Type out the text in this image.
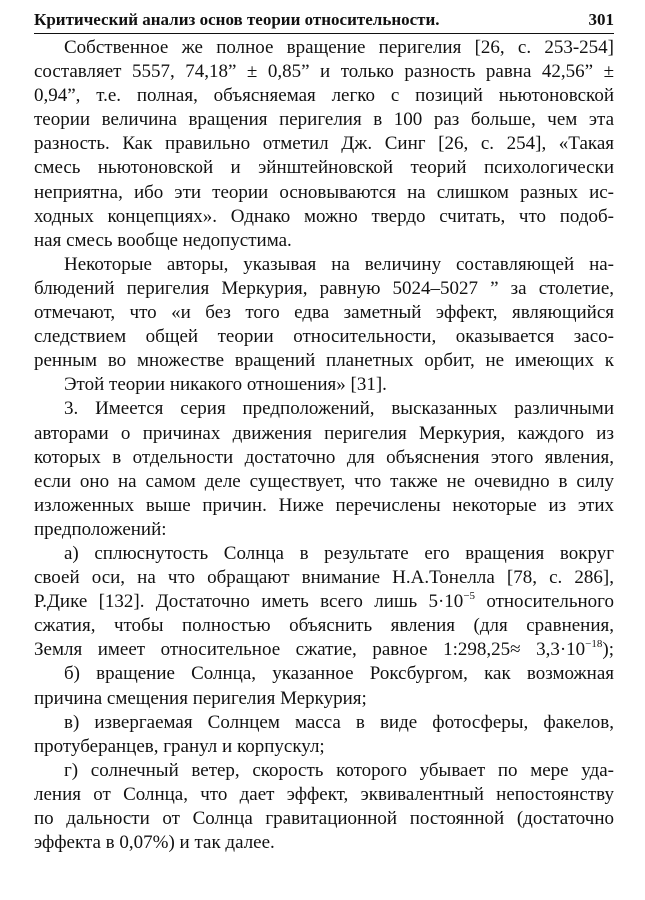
Критический анализ основ теории относительности.	301
Собственное же полное вращение перигелия [26, с. 253-254]
составляет 5557, 74,18” ± 0,85” и только разность равна 42,56” ±
0,94”, т.е. полная, объясняемая легко с позиций ньютоновской
теории величина вращения перигелия в 100 раз больше, чем эта
разность. Как правильно отметил Дж. Синг [26, с. 254], «Такая
смесь ньютоновской и эйнштейновской теорий психологически
неприятна, ибо эти теории основываются на слишком разных ис-
ходных концепциях». Однако можно твердо считать, что подоб-
ная смесь вообще недопустима.
Некоторые авторы, указывая на величину составляющей на-
блюдений перигелия Меркурия, равную 5024–5027 ” за столетие,
отмечают, что «и без того едва заметный эффект, являющийся
следствием общей теории относительности, оказывается засо-
ренным во множестве вращений планетных орбит, не имеющих к
Этой теории никакого отношения» [31].
3. Имеется серия предположений, высказанных различными
авторами о причинах движения перигелия Меркурия, каждого из
которых в отдельности достаточно для объяснения этого явления,
если оно на самом деле существует, что также не очевидно в силу
изложенных выше причин. Ниже перечислены некоторые из этих
предположений:
а) сплюснутость Солнца в результате его вращения вокруг
своей оси, на что обращают внимание Н.А.Тонелла [78, с. 286],
Р.Дике [132]. Достаточно иметь всего лишь $5\cdot 10^{-5}$ относительного
сжатия, чтобы полностью объяснить явления (для сравнения,
Земля имеет относительное сжатие, равное 1:298,25≈ $3,3\cdot 10^{-18}$);
б) вращение Солнца, указанное Роксбургом, как возможная
причина смещения перигелия Меркурия;
в) извергаемая Солнцем масса в виде фотосферы, факелов,
протуберанцев, гранул и корпускул;
г) солнечный ветер, скорость которого убывает по мере уда-
ления от Солнца, что дает эффект, эквивалентный непостоянству
по дальности от Солнца гравитационной постоянной (достаточно
эффекта в 0,07%) и так далее.
